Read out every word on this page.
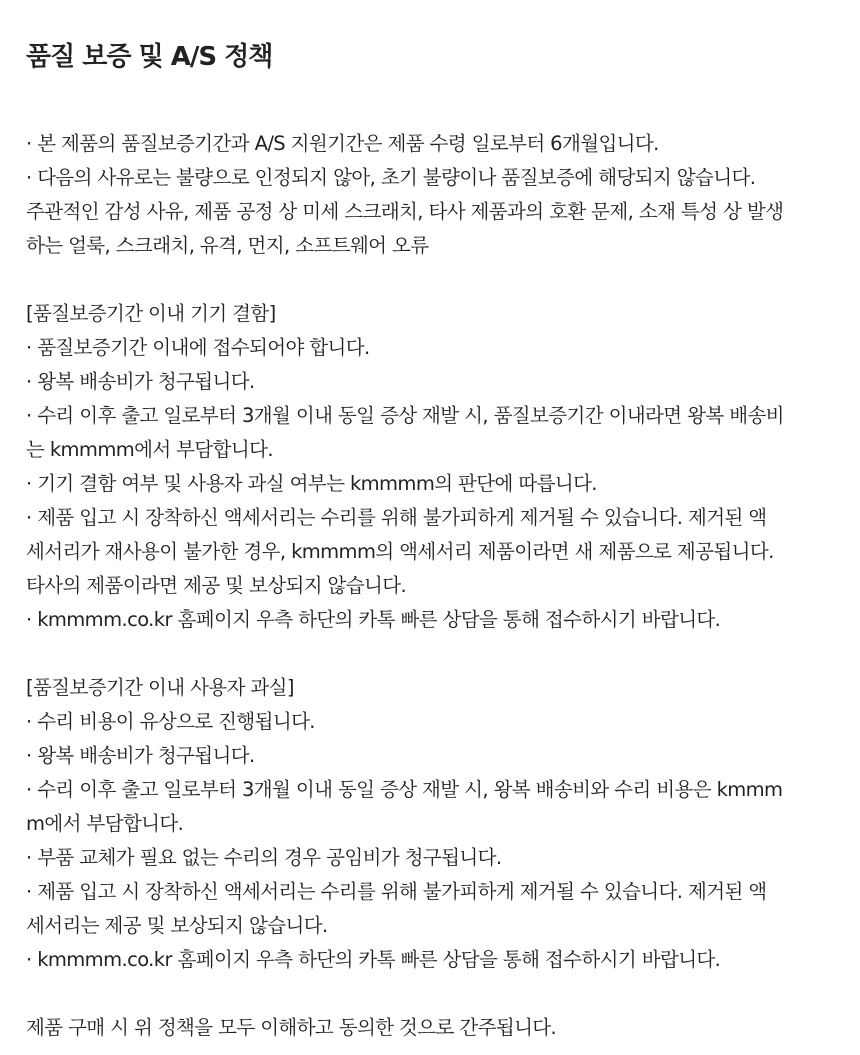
품질 보증 및 A/S 정책
· 본 제품의 품질보증기간과 A/S 지원기간은 제품 수령 일로부터 6개월입니다.
· 다음의 사유로는 불량으로 인정되지 않아, 초기 불량이나 품질보증에 해당되지 않습니다.
주관적인 감성 사유, 제품 공정 상 미세 스크래치, 타사 제품과의 호환 문제, 소재 특성 상 발생
하는 얼룩, 스크래치, 유격, 먼지, 소프트웨어 오류
[품질보증기간 이내 기기 결함]
· 품질보증기간 이내에 접수되어야 합니다.
· 왕복 배송비가 청구됩니다.
· 수리 이후 출고 일로부터 3개월 이내 동일 증상 재발 시, 품질보증기간 이내라면 왕복 배송비
는 kmmmm에서 부담합니다.
· 기기 결함 여부 및 사용자 과실 여부는 kmmmm의 판단에 따릅니다.
· 제품 입고 시 장착하신 액세서리는 수리를 위해 불가피하게 제거될 수 있습니다. 제거된 액
세서리가 재사용이 불가한 경우, kmmmm의 액세서리 제품이라면 새 제품으로 제공됩니다.
타사의 제품이라면 제공 및 보상되지 않습니다.
· kmmmm.co.kr 홈페이지 우측 하단의 카톡 빠른 상담을 통해 접수하시기 바랍니다.
[품질보증기간 이내 사용자 과실]
· 수리 비용이 유상으로 진행됩니다.
· 왕복 배송비가 청구됩니다.
· 수리 이후 출고 일로부터 3개월 이내 동일 증상 재발 시, 왕복 배송비와 수리 비용은 kmmm
m에서 부담합니다.
· 부품 교체가 필요 없는 수리의 경우 공임비가 청구됩니다.
· 제품 입고 시 장착하신 액세서리는 수리를 위해 불가피하게 제거될 수 있습니다. 제거된 액
세서리는 제공 및 보상되지 않습니다.
· kmmmm.co.kr 홈페이지 우측 하단의 카톡 빠른 상담을 통해 접수하시기 바랍니다.
제품 구매 시 위 정책을 모두 이해하고 동의한 것으로 간주됩니다.
